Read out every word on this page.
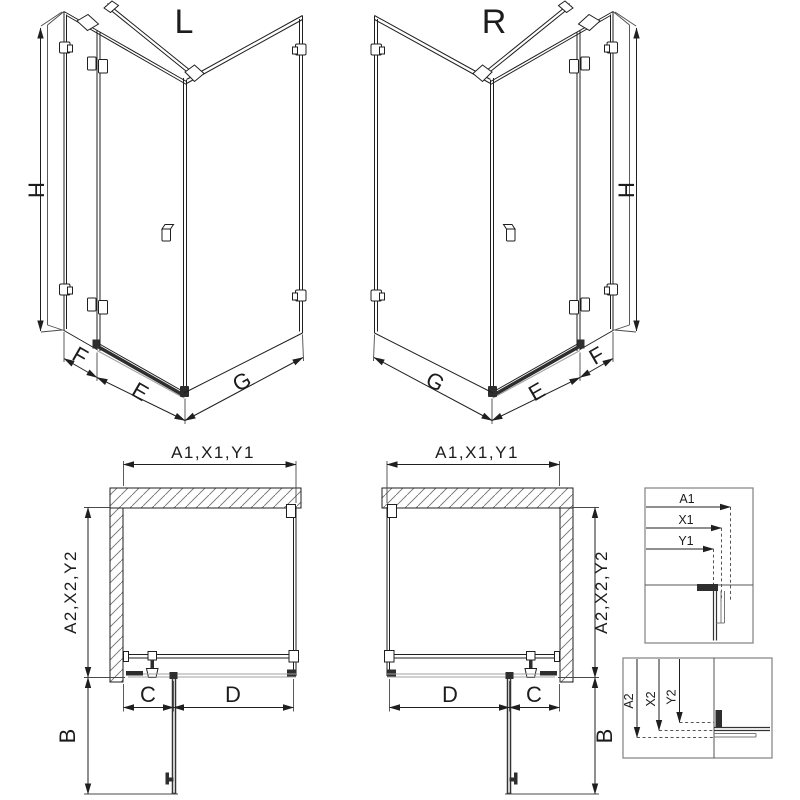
L
H
F
E	G
R
H
F
E
G
A1,X1,Y1
A2,X2,Y2
C	D
B
A1,X1,Y1
A2,X2,Y2
D	C
B
A1
X1
Y1
A2 X2 Y2
